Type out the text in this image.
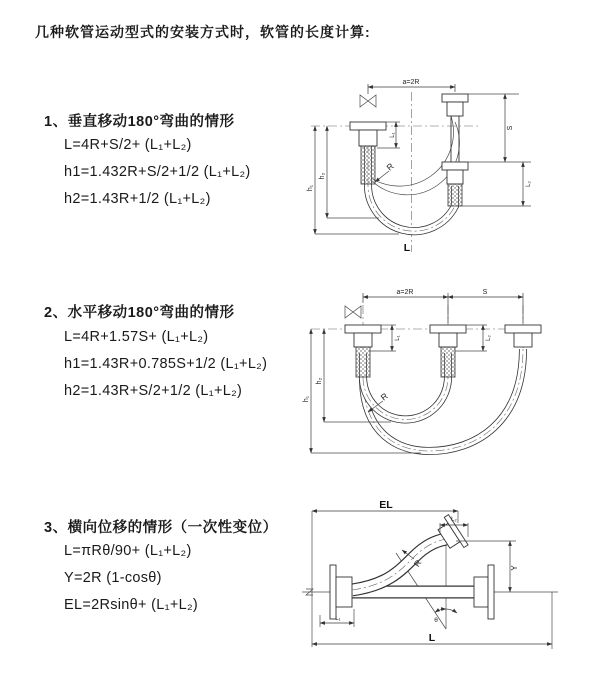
几种软管运动型式的安装方式时，软管的长度计算:
1、垂直移动180°弯曲的情形
L=4R+S/2+ (L₁+L₂)
h1=1.432R+S/2+1/2 (L₁+L₂)
h2=1.43R+1/2 (L₁+L₂)
2、水平移动180°弯曲的情形
L=4R+1.57S+ (L₁+L₂)
h1=1.43R+0.785S+1/2 (L₁+L₂)
h2=1.43R+S/2+1/2 (L₁+L₂)
3、横向位移的情形（一次性变位）
L=πRθ/90+ (L₁+L₂)
Y=2R (1-cosθ)
EL=2Rsinθ+ (L₁+L₂)
a=2R
h₁
h₂
L₁
S
L₂
R
L
a=2R	S
h₁
h₂
L₁	L₂
R
θ
EL
L₂
Y
R
L₁
L
